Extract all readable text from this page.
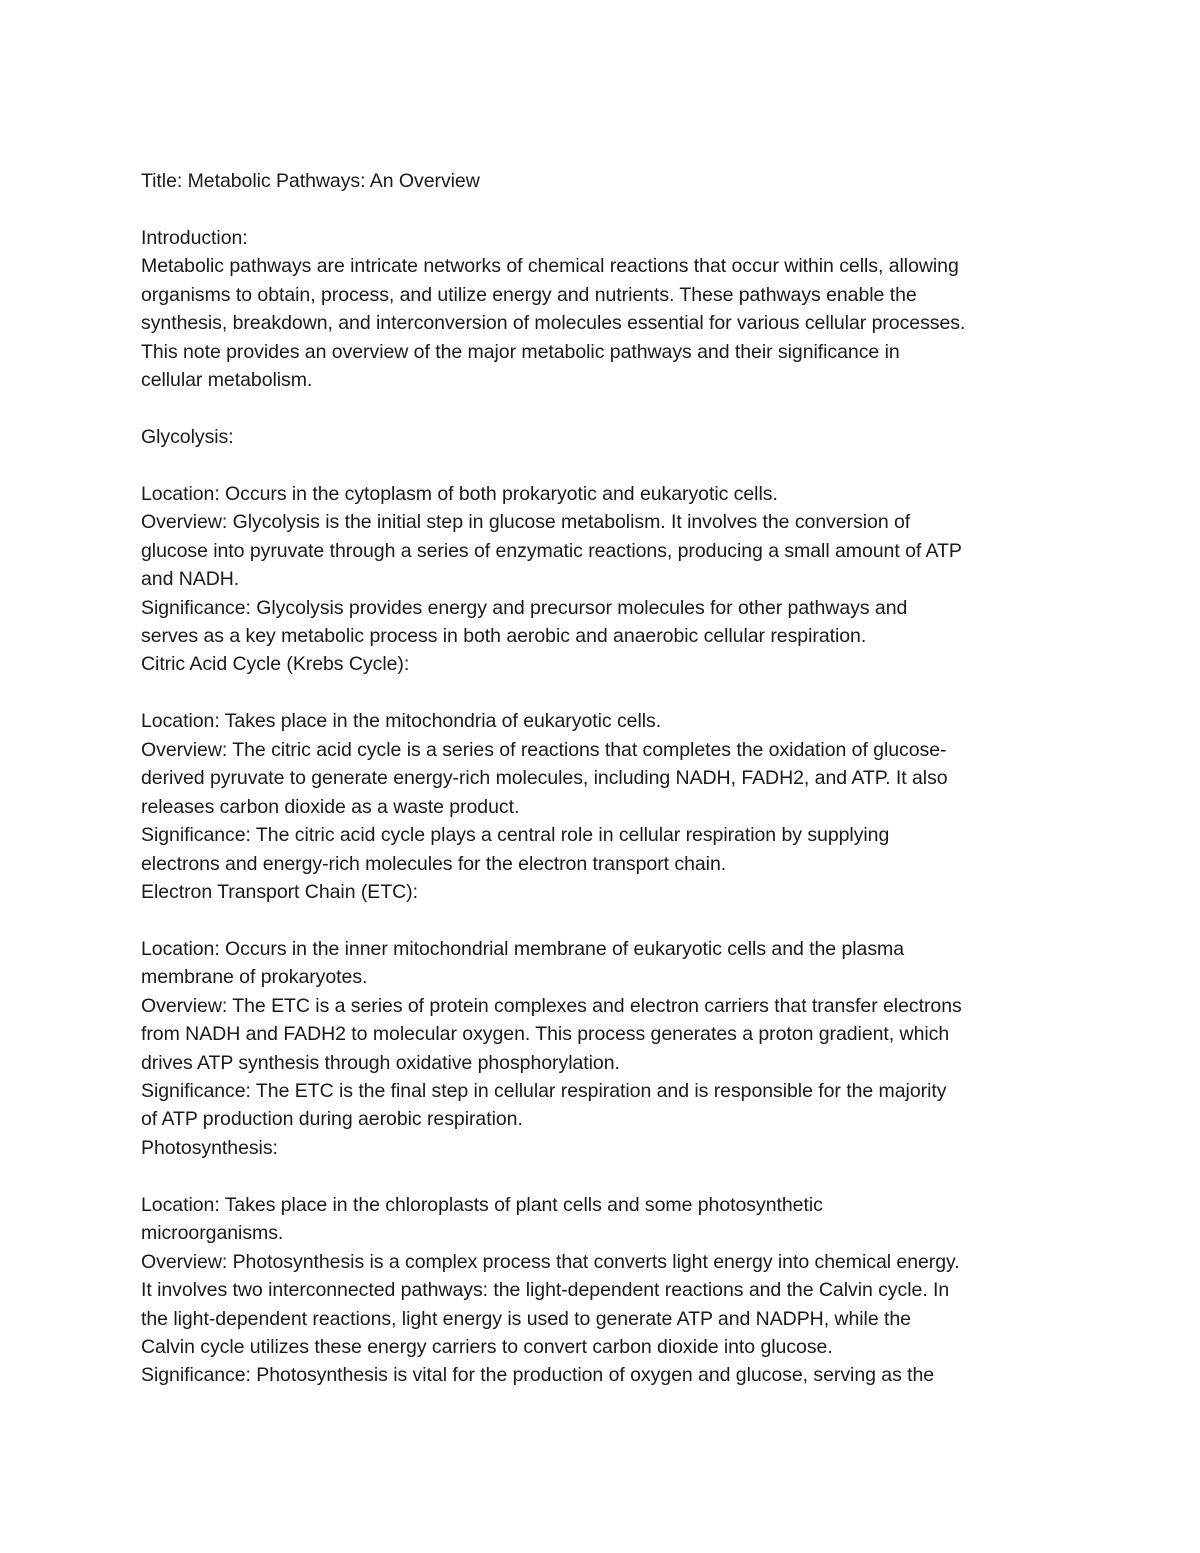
Title: Metabolic Pathways: An Overview
Introduction:
Metabolic pathways are intricate networks of chemical reactions that occur within cells, allowing
organisms to obtain, process, and utilize energy and nutrients. These pathways enable the
synthesis, breakdown, and interconversion of molecules essential for various cellular processes.
This note provides an overview of the major metabolic pathways and their significance in
cellular metabolism.
Glycolysis:
Location: Occurs in the cytoplasm of both prokaryotic and eukaryotic cells.
Overview: Glycolysis is the initial step in glucose metabolism. It involves the conversion of
glucose into pyruvate through a series of enzymatic reactions, producing a small amount of ATP
and NADH.
Significance: Glycolysis provides energy and precursor molecules for other pathways and
serves as a key metabolic process in both aerobic and anaerobic cellular respiration.
Citric Acid Cycle (Krebs Cycle):
Location: Takes place in the mitochondria of eukaryotic cells.
Overview: The citric acid cycle is a series of reactions that completes the oxidation of glucose-
derived pyruvate to generate energy-rich molecules, including NADH, FADH2, and ATP. It also
releases carbon dioxide as a waste product.
Significance: The citric acid cycle plays a central role in cellular respiration by supplying
electrons and energy-rich molecules for the electron transport chain.
Electron Transport Chain (ETC):
Location: Occurs in the inner mitochondrial membrane of eukaryotic cells and the plasma
membrane of prokaryotes.
Overview: The ETC is a series of protein complexes and electron carriers that transfer electrons
from NADH and FADH2 to molecular oxygen. This process generates a proton gradient, which
drives ATP synthesis through oxidative phosphorylation.
Significance: The ETC is the final step in cellular respiration and is responsible for the majority
of ATP production during aerobic respiration.
Photosynthesis:
Location: Takes place in the chloroplasts of plant cells and some photosynthetic
microorganisms.
Overview: Photosynthesis is a complex process that converts light energy into chemical energy.
It involves two interconnected pathways: the light-dependent reactions and the Calvin cycle. In
the light-dependent reactions, light energy is used to generate ATP and NADPH, while the
Calvin cycle utilizes these energy carriers to convert carbon dioxide into glucose.
Significance: Photosynthesis is vital for the production of oxygen and glucose, serving as the
